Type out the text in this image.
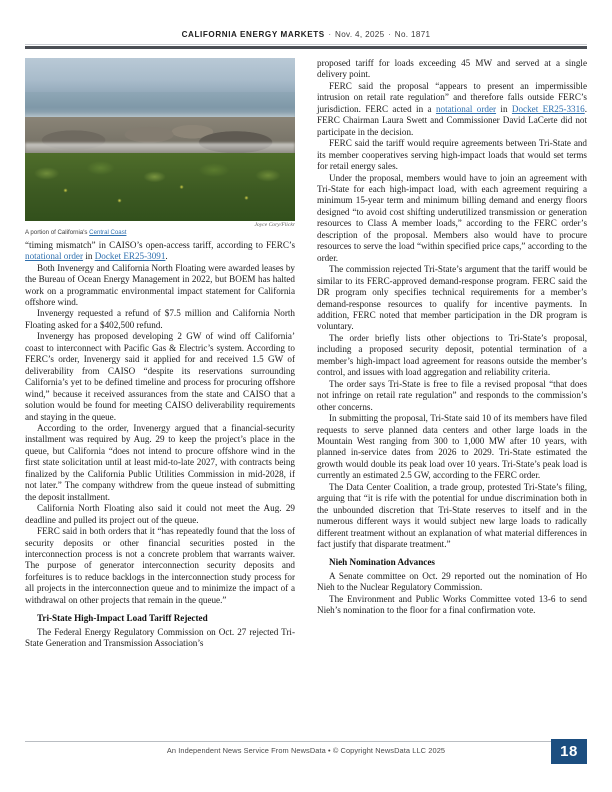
CALIFORNIA ENERGY MARKETS · Nov. 4, 2025 · No. 1871
Joyce Cory/Flickr
A portion of California's Central Coast

“timing mismatch” in CAISO’s open-access tariff, according to FERC’s notational order in Docket ER25-3091.

Both Invenergy and California North Floating were awarded leases by the Bureau of Ocean Energy Management in 2022, but BOEM has halted work on a programmatic environmental impact statement for California offshore wind.

Invenergy requested a refund of $7.5 million and California North Floating asked for a $402,500 refund.

Invenergy has proposed developing 2 GW of wind off California’ coast to interconnect with Pacific Gas & Electric’s system. According to FERC’s order, Invenergy said it applied for and received 1.5 GW of deliverability from CAISO “despite its reservations surrounding California’s yet to be defined timeline and process for procuring offshore wind,” because it received assurances from the state and CAISO that a solution would be found for meeting CAISO deliverability requirements and staying in the queue.

According to the order, Invenergy argued that a financial-security installment was required by Aug. 29 to keep the project’s place in the queue, but California “does not intend to procure offshore wind in the first state solicitation until at least mid-to-late 2027, with contracts being finalized by the California Public Utilities Commission in mid-2028, if not later.” The company withdrew from the queue instead of submitting the deposit installment.

California North Floating also said it could not meet the Aug. 29 deadline and pulled its project out of the queue.

FERC said in both orders that it “has repeatedly found that the loss of security deposits or other financial securities posted in the interconnection process is not a concrete problem that warrants waiver. The purpose of generator interconnection security deposits and forfeitures is to reduce backlogs in the interconnection study process for all projects in the interconnection queue and to minimize the impact of a withdrawal on other projects that remain in the queue.”

Tri-State High-Impact Load Tariff Rejected

The Federal Energy Regulatory Commission on Oct. 27 rejected Tri-State Generation and Transmission Association’s

proposed tariff for loads exceeding 45 MW and served at a single delivery point.

FERC said the proposal “appears to present an impermissible intrusion on retail rate regulation” and therefore falls outside FERC’s jurisdiction. FERC acted in a notational order in Docket ER25-3316. FERC Chairman Laura Swett and Commissioner David LaCerte did not participate in the decision.

FERC said the tariff would require agreements between Tri-State and its member cooperatives serving high-impact loads that would set terms for retail energy sales.

Under the proposal, members would have to join an agreement with Tri-State for each high-impact load, with each agreement requiring a minimum 15-year term and minimum billing demand and energy floors designed “to avoid cost shifting underutilized transmission or generation resources to Class A member loads,” according to the FERC order’s description of the proposal. Members also would have to procure resources to serve the load “within specified price caps,” according to the order.

The commission rejected Tri-State’s argument that the tariff would be similar to its FERC-approved demand-response program. FERC said the DR program only specifies technical requirements for a member’s demand-response resources to qualify for incentive payments. In addition, FERC noted that member participation in the DR program is voluntary.

The order briefly lists other objections to Tri-State’s proposal, including a proposed security deposit, potential termination of a member’s high-impact load agreement for reasons outside the member’s control, and issues with load aggregation and reliability criteria.

The order says Tri-State is free to file a revised proposal “that does not infringe on retail rate regulation” and responds to the commission’s other concerns.

In submitting the proposal, Tri-State said 10 of its members have filed requests to serve planned data centers and other large loads in the Mountain West ranging from 300 to 1,000 MW after 10 years, with planned in-service dates from 2026 to 2029. Tri-State estimated the growth would double its peak load over 10 years. Tri-State’s peak load is currently an estimated 2.5 GW, according to the FERC order.

The Data Center Coalition, a trade group, protested Tri-State’s filing, arguing that “it is rife with the potential for undue discrimination both in the unbounded discretion that Tri-State reserves to itself and in the numerous different ways it would subject new large loads to radically different treatment without an explanation of what material differences in fact justify that disparate treatment.”

Nieh Nomination Advances

A Senate committee on Oct. 29 reported out the nomination of Ho Nieh to the Nuclear Regulatory Commission.

The Environment and Public Works Committee voted 13-6 to send Nieh’s nomination to the floor for a final confirmation vote.

An Independent News Service From NewsData • © Copyright NewsData LLC 2025	18
